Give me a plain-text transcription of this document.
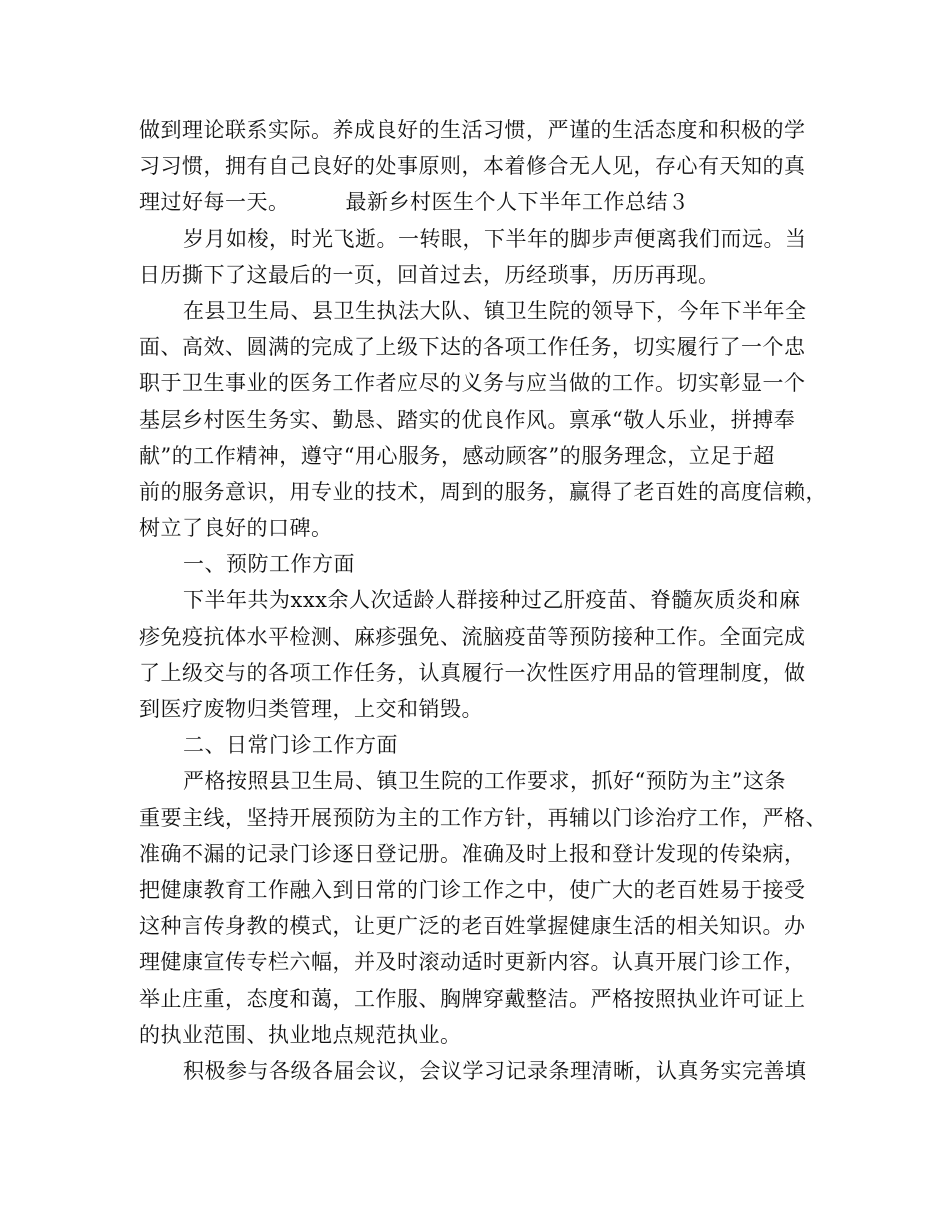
做到理论联系实际。养成良好的生活习惯，严谨的生活态度和积极的学
习习惯，拥有自己良好的处事原则，本着修合无人见，存心有天知的真
理过好每一天。	最新乡村医生个人下半年工作总结３
岁月如梭，时光飞逝。一转眼，下半年的脚步声便离我们而远。当
日历撕下了这最后的一页，回首过去，历经琐事，历历再现。
在县卫生局、县卫生执法大队、镇卫生院的领导下，今年下半年全
面、高效、圆满的完成了上级下达的各项工作任务，切实履行了一个忠
职于卫生事业的医务工作者应尽的义务与应当做的工作。切实彰显一个
基层乡村医生务实、勤恳、踏实的优良作风。禀承“敬人乐业，拼搏奉
献”的工作精神，遵守“用心服务，感动顾客”的服务理念，立足于超
前的服务意识，用专业的技术，周到的服务，赢得了老百姓的高度信赖，
树立了良好的口碑。
一、预防工作方面
下半年共为xxx余人次适龄人群接种过乙肝疫苗、脊髓灰质炎和麻
疹免疫抗体水平检测、麻疹强免、流脑疫苗等预防接种工作。全面完成
了上级交与的各项工作任务，认真履行一次性医疗用品的管理制度，做
到医疗废物归类管理，上交和销毁。
二、日常门诊工作方面
严格按照县卫生局、镇卫生院的工作要求，抓好“预防为主”这条
重要主线，坚持开展预防为主的工作方针，再辅以门诊治疗工作，严格、
准确不漏的记录门诊逐日登记册。准确及时上报和登计发现的传染病，
把健康教育工作融入到日常的门诊工作之中，使广大的老百姓易于接受
这种言传身教的模式，让更广泛的老百姓掌握健康生活的相关知识。办
理健康宣传专栏六幅，并及时滚动适时更新内容。认真开展门诊工作，
举止庄重，态度和蔼，工作服、胸牌穿戴整洁。严格按照执业许可证上
的执业范围、执业地点规范执业。
积极参与各级各届会议，会议学习记录条理清晰，认真务实完善填
